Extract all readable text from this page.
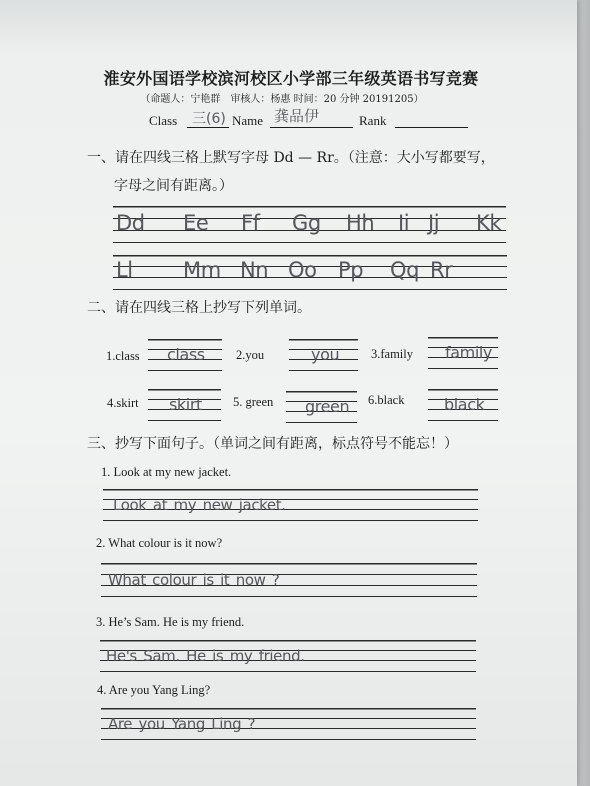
淮安外国语学校滨河校区小学部三年级英语书写竞赛
（命题人：宁艳群　审核人：杨惠 时间：20 分钟 20191205）
Class 三(6) Name 龚品伊	Rank
一、请在四线三格上默写字母 Dd — Rr。（注意：大小写都要写，
字母之间有距离。）
Dd Ee Ff Gg Hh Ii Jj Kk
Ll Mm Nn Oo Pp Qq Rr
二、请在四线三格上抄写下列单词。
1.class class	2.you	you	3.family family
4.skirt skirt 5. green green 6.black black
三、抄写下面句子。（单词之间有距离，标点符号不能忘！）
1. Look at my new jacket.
Look at my new jacket.
2. What colour is it now?
What colour is it now ?
3. He’s Sam. He is my friend.
He's Sam. He is my friend.
4. Are you Yang Ling?
Are you Yang Ling ?
